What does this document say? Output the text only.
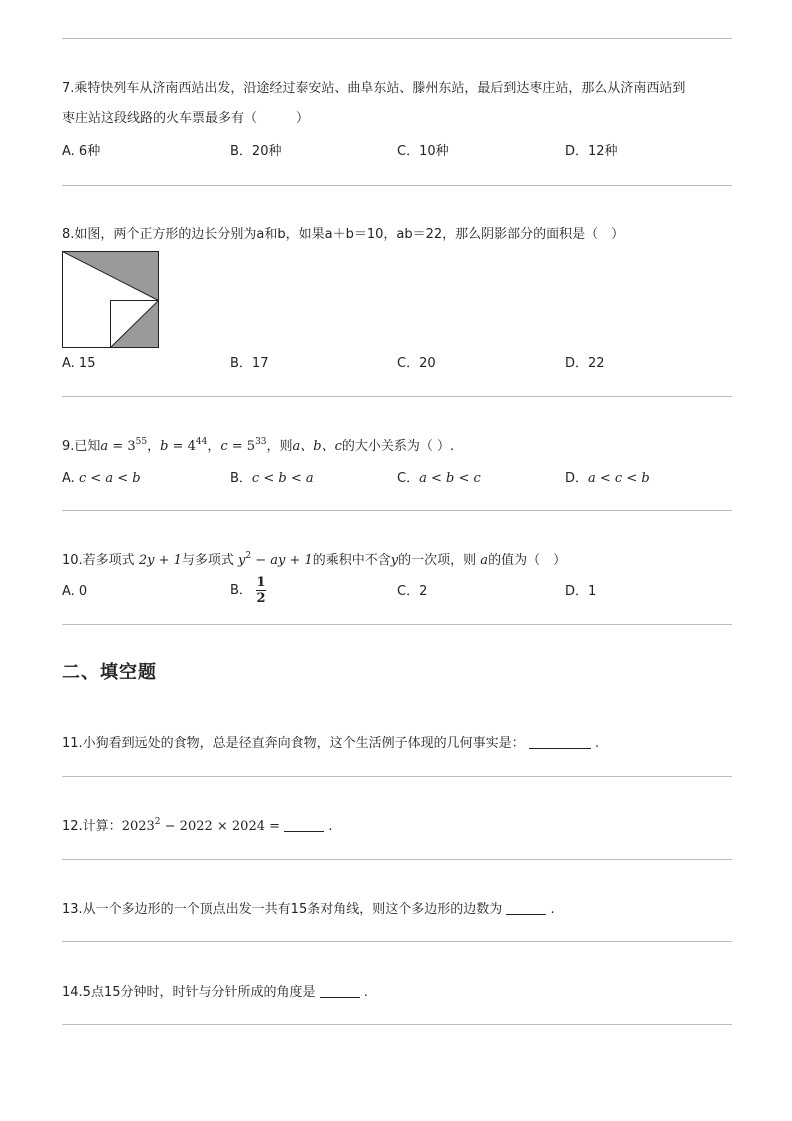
7.乘特快列车从济南西站出发，沿途经过泰安站、曲阜东站、滕州东站，最后到达枣庄站，那么从济南西站到
枣庄站这段线路的火车票最多有（　　　）
A. 6种	B．20种	C．10种	D．12种
8.如图，两个正方形的边长分别为a和b，如果a＋b＝10，ab＝22，那么阴影部分的面积是（　）
A. 15	B．17	C．20	D．22
9.已知$a = 3^{55}$，$b = 4^{44}$，$c = 5^{33}$，则a、b、c的大小关系为（ ）.
A. c < a < b	B．c < b < a	C．a < b < c	D．a < c < b
10.若多项式 2y + 1与多项式 $y^2$ − ay + 1的乘积中不含y的一次项，则 a的值为（　）
A. 0	B． $\frac{1}{2}$	C．2	D．1
二、填空题
11.小狗看到远处的食物，总是径直奔向食物，这个生活例子体现的几何事实是：	.
12.计算：$2023^2 - 2022 \times 2024$ =	.
13.从一个多边形的一个顶点出发一共有15条对角线，则这个多边形的边数为	.
14.5点15分钟时，时针与分针所成的角度是	.
